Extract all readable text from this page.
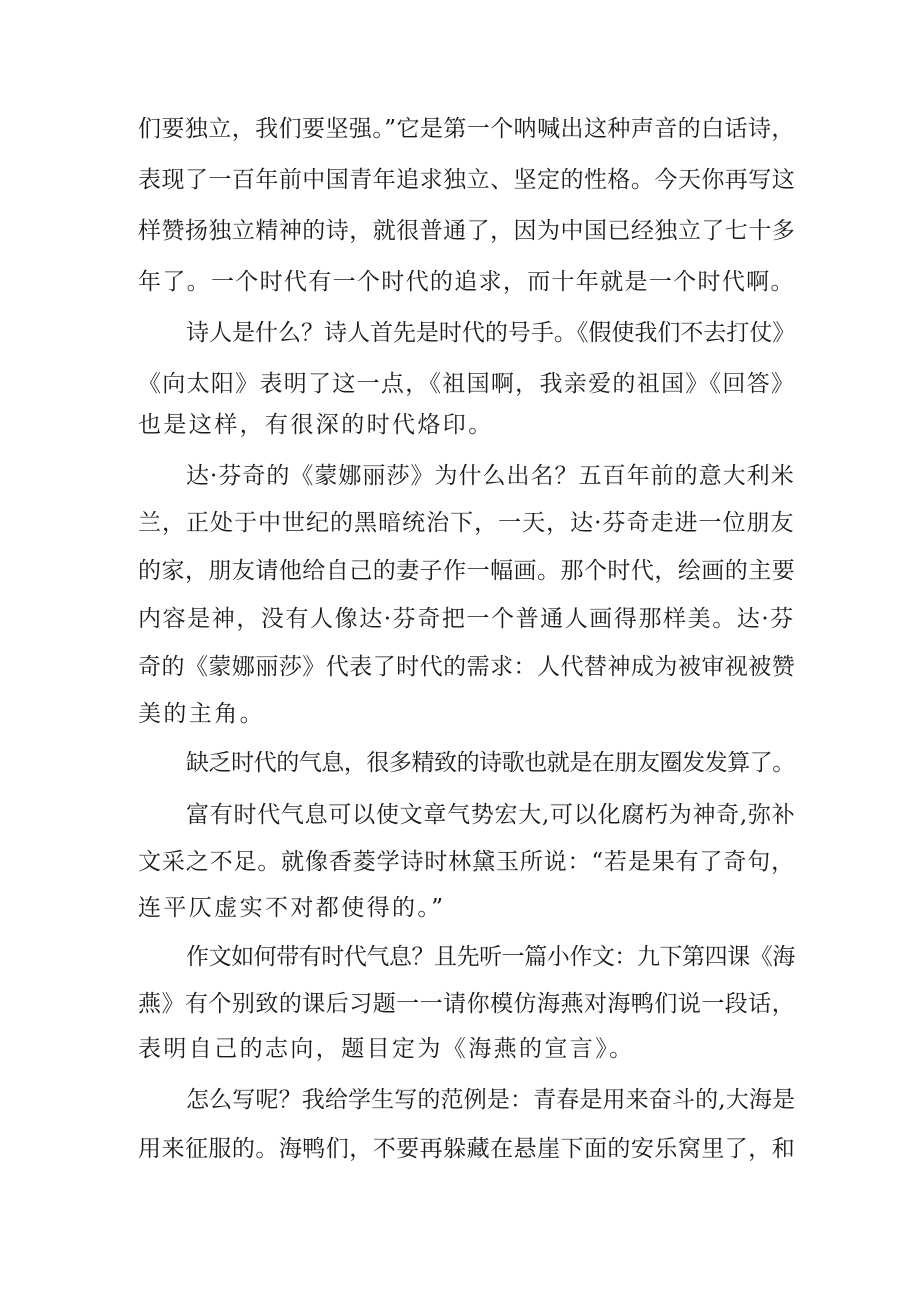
们要独立，我们要坚强。”它是第一个呐喊出这种声音的白话诗，
表现了一百年前中国青年追求独立、坚定的性格。今天你再写这
样赞扬独立精神的诗，就很普通了，因为中国已经独立了七十多
年了。一个时代有一个时代的追求，而十年就是一个时代啊。
诗人是什么？诗人首先是时代的号手。《假使我们不去打仗》
《向太阳》表明了这一点，《祖国啊，我亲爱的祖国》《回答》
也是这样，有很深的时代烙印。
达·芬奇的《蒙娜丽莎》为什么出名？五百年前的意大利米
兰，正处于中世纪的黑暗统治下，一天，达·芬奇走进一位朋友
的家，朋友请他给自己的妻子作一幅画。那个时代，绘画的主要
内容是神，没有人像达·芬奇把一个普通人画得那样美。达·芬
奇的《蒙娜丽莎》代表了时代的需求：人代替神成为被审视被赞
美的主角。
缺乏时代的气息，很多精致的诗歌也就是在朋友圈发发算了。
富有时代气息可以使文章气势宏大,可以化腐朽为神奇,弥补
文采之不足。就像香菱学诗时林黛玉所说：“若是果有了奇句，
连平仄虚实不对都使得的。”
作文如何带有时代气息？且先听一篇小作文：九下第四课《海
燕》有个别致的课后习题一一请你模仿海燕对海鸭们说一段话，
表明自己的志向，题目定为《海燕的宣言》。
怎么写呢？我给学生写的范例是：青春是用来奋斗的,大海是
用来征服的。海鸭们，不要再躲藏在悬崖下面的安乐窝里了，和
